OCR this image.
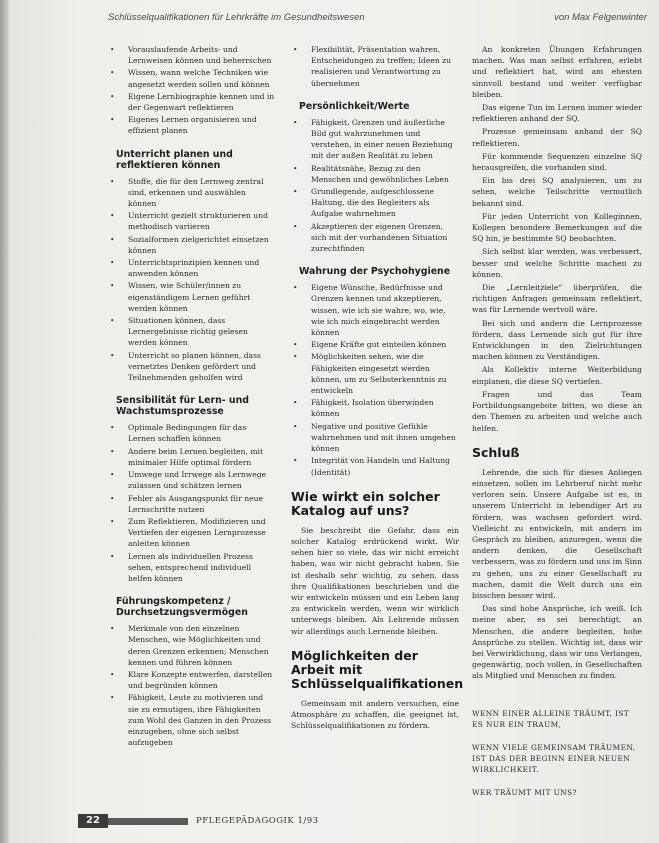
Schlüsselqualifikationen für Lehrkräfte im Gesundheitswesen	von Max Felgenwinter
• Vorauslaufende Arbeits- und Lernweisen können und beherrschen
• Wissen, wann welche Techniken wie angesetzt werden sollen und können
• Eigene Lernbiographie kennen und in der Gegenwart reflektieren
• Eigenes Lernen organisieren und effizient planen
Unterricht planen und reflektieren können
• Stoffe, die für den Lernweg zentral sind, erkennen und auswählen können
• Unterricht gezielt strukturieren und methodisch variieren
• Sozialformen zielgerichtet einsetzen können
• Unterrichtsprinzipien kennen und anwenden können
• Wissen, wie Schüler/innen zu eigenständigem Lernen geführt werden können
• Situationen können, dass Lernergebnisse richtig gelesen werden können
• Unterricht so planen können, dass vernetztes Denken gefördert und Teilnehmenden geholfen wird
Sensibilität für Lern- und Wachstumsprozesse
• Optimale Bedingungen für das Lernen schaffen können
• Andere beim Lernen begleiten, mit minimaler Hilfe optimal fördern
• Umwege und Irrwege als Lernwege zulassen und schätzen lernen
• Fehler als Ausgangspunkt für neue Lernschritte nutzen
• Zum Reflektieren, Modifizieren und Vertiefen der eigenen Lernprozesse anleiten können
• Lernen als individuellen Prozess sehen, entsprechend individuell helfen können
Führungskompetenz / Durchsetzungsvermögen
• Merkmale von den einzelnen Menschen, wie Möglichkeiten und deren Grenzen erkennen; Menschen kennen und führen können
• Klare Konzepte entwerfen, darstellen und begründen können
• Fähigkeit, Leute zu motivieren und sie zu ermutigen, ihre Fähigkeiten zum Wohl des Ganzen in den Prozess einzugeben, ohne sich selbst aufzugeben
• Flexibilität, Präsentation wahren, Entscheidungen zu treffen; Ideen zu realisieren und Verantwortung zu übernehmen
Persönlichkeit/Werte
• Fähigkeit, Grenzen und äußerliche Bild gut wahrzunehmen und verstehen, in einer neuen Beziehung mit der außen Realität zu leben
• Realitätsnähe, Bezug zu den Menschen und gewöhnliches Leben
• Grundlegende, aufgeschlossene Haltung, die des Begleiters als Aufgabe wahrnehmen
• Akzeptieren der eigenen Grenzen, sich mit der vorhandenen Situation zurechtfinden
Wahrung der Psychohygiene
• Eigene Wünsche, Bedürfnisse und Grenzen kennen und akzeptieren, wissen, wie ich sie wahre, wo, wie, wie ich mich eingebracht werden können
• Eigene Kräfte gut einteilen können
• Möglichkeiten sehen, wie die Fähigkeiten eingesetzt werden können, um zu Selbsterkenntnis zu entwickeln
• Fähigkeit, Isolation überwinden können
• Negative und positive Gefühle wahrnehmen und mit ihnen umgehen können
• Integrität von Handeln und Haltung (Identität)
Wie wirkt ein solcher Katalog auf uns?
Sie beschreibt die Gefahr, dass ein solcher Katalog erdrückend wirkt. Wir sehen hier so viele, das wir nicht erreicht haben, was wir nicht gebracht haben. Sie ist deshalb sehr wichtig, zu sehen, dass ihre Qualifikationen beschrieben und die wir entwickeln müssen und ein Leben lang zu entwickeln werden, wenn wir wirklich unterwegs bleiben. Als Lehrende müssen wir allerdings auch Lernende bleiben.
Möglichkeiten der Arbeit mit Schlüsselqualifikationen
Gemeinsam mit andern versuchen, eine Atmosphäre zu schaffen, die geeignet ist, Schlüsselqualifikationen zu fördern.
An konkreten Übungen Erfahrungen machen. Was man selbst erfahren, erlebt und reflektiert hat, wird am ehesten sinnvoll bestand und weiter verfügbar bleiben.
Das eigene Tun im Lernen immer wieder reflektieren anhand der SQ.
Prozesse gemeinsam anhand der SQ reflektieren.
Für kommende Sequenzen einzelne SQ herausgreifen, die vorhanden sind.
Ein bis drei SQ analysieren, um zu sehen, welche Teilschritte vermutlich bekannt sind.
Für jeden Unterricht von Kolleginnen, Kollegen besondere Bemerkungen auf die SQ hin, je bestimmte SQ beobachten.
Sich selbst klar werden, was verbessert, besser und welche Schritte machen zu können.
Die „Lernleitziele“ überprüfen, die richtigen Anfragen gemeinsam reflektiert, was für Lernende wertvoll wäre.
Bei sich und andern die Lernprozesse fördern, dass Lernende sich gut für ihre Entwicklungen in den Zielrichtungen machen können zu Verständigen.
Als Kollektiv interne Weiterbildung einplanen, die diese SQ vertiefen.
Fragen und das Team Fortbildungsangebote bitten, wo diese an den Themen zu arbeiten und welche auch helfen.
Schluß
Lehrende, die sich für dieses Anliegen einsetzen, sollen im Lehrberuf nicht mehr verloren sein. Unsere Aufgabe ist es, in unserem Unterricht in lebendiger Art zu fördern, was wachsen gefordert wird. Vielleicht zu entwickeln, mit andern im Gespräch zu bleiben, anzuregen, wenn die andern denken, die Gesellschaft verbessern, was zu fördern und uns im Sinn zu gehen, uns zu einer Gesellschaft zu machen, damit die Welt durch uns ein bisschen besser wird.
Das sind hohe Ansprüche, ich weiß. Ich meine aber, es sei berechtigt, an Menschen, die andere begleiten, hohe Ansprüche zu stellen. Wichtig ist, dass wir bei Verwirklichung, dass wir uns Verlangen, gegenwärtig, noch vollen, in Gesellschaften als Mitglied und Menschen zu finden.
WENN EINER ALLEINE TRÄUMT, IST ES NUR EIN TRAUM,
WENN VIELE GEMEINSAM TRÄUMEN, IST DAS DER BEGINN EINER NEUEN WIRKLICHKEIT.
WER TRÄUMT MIT UNS?
22	PFLEGEPÄDAGOGIK 1/93
